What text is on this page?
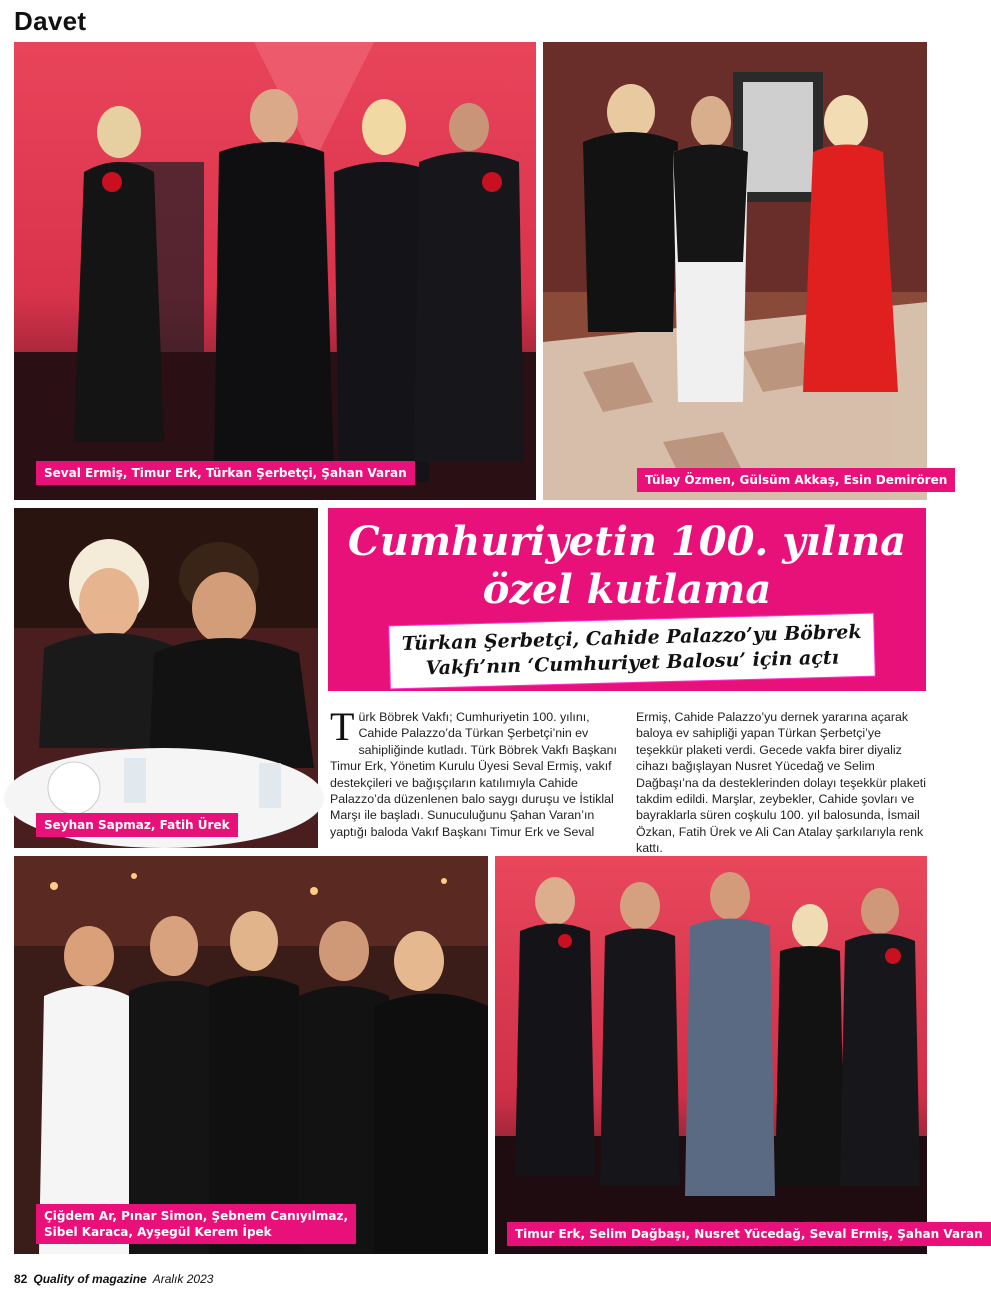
Davet
Seval Ermiş, Timur Erk, Türkan Şerbetçi, Şahan Varan	Tülay Özmen, Gülsüm Akkaş, Esin Demirören
Seyhan Sapmaz, Fatih Ürek
Cumhuriyetin 100. yılına
özel kutlama
Türkan Şerbetçi, Cahide Palazzo’yu Böbrek
Vakfı’nın ‘Cumhuriyet Balosu’ için açtı
Türk Böbrek Vakfı; Cumhuriyetin 100. yılını, Cahide Palazzo’da Türkan Şerbetçi’nin ev sahipliğinde kutladı. Türk Böbrek Vakfı Başkanı Timur Erk, Yönetim Kurulu Üyesi Seval Ermiş, vakıf destekçileri ve bağışçıların katılımıyla Cahide Palazzo’da düzenlenen balo saygı duruşu ve İstiklal Marşı ile başladı. Sunuculuğunu Şahan Varan’ın yaptığı baloda Vakıf Başkanı Timur Erk ve Seval
Ermiş, Cahide Palazzo’yu dernek yararına açarak baloya ev sahipliği yapan Türkan Şerbetçi’ye teşekkür plaketi verdi. Gecede vakfa birer diyaliz cihazı bağışlayan Nusret Yücedağ ve Selim Dağbaşı’na da desteklerinden dolayı teşekkür plaketi takdim edildi. Marşlar, zeybekler, Cahide şovları ve bayraklarla süren coşkulu 100. yıl balosunda, İsmail Özkan, Fatih Ürek ve Ali Can Atalay şarkılarıyla renk kattı.
Çiğdem Ar, Pınar Simon, Şebnem Canıyılmaz,
Sibel Karaca, Ayşegül Kerem İpek	Timur Erk, Selim Dağbaşı, Nusret Yücedağ, Seval Ermiş, Şahan Varan
82 Quality of magazine Aralık 2023
